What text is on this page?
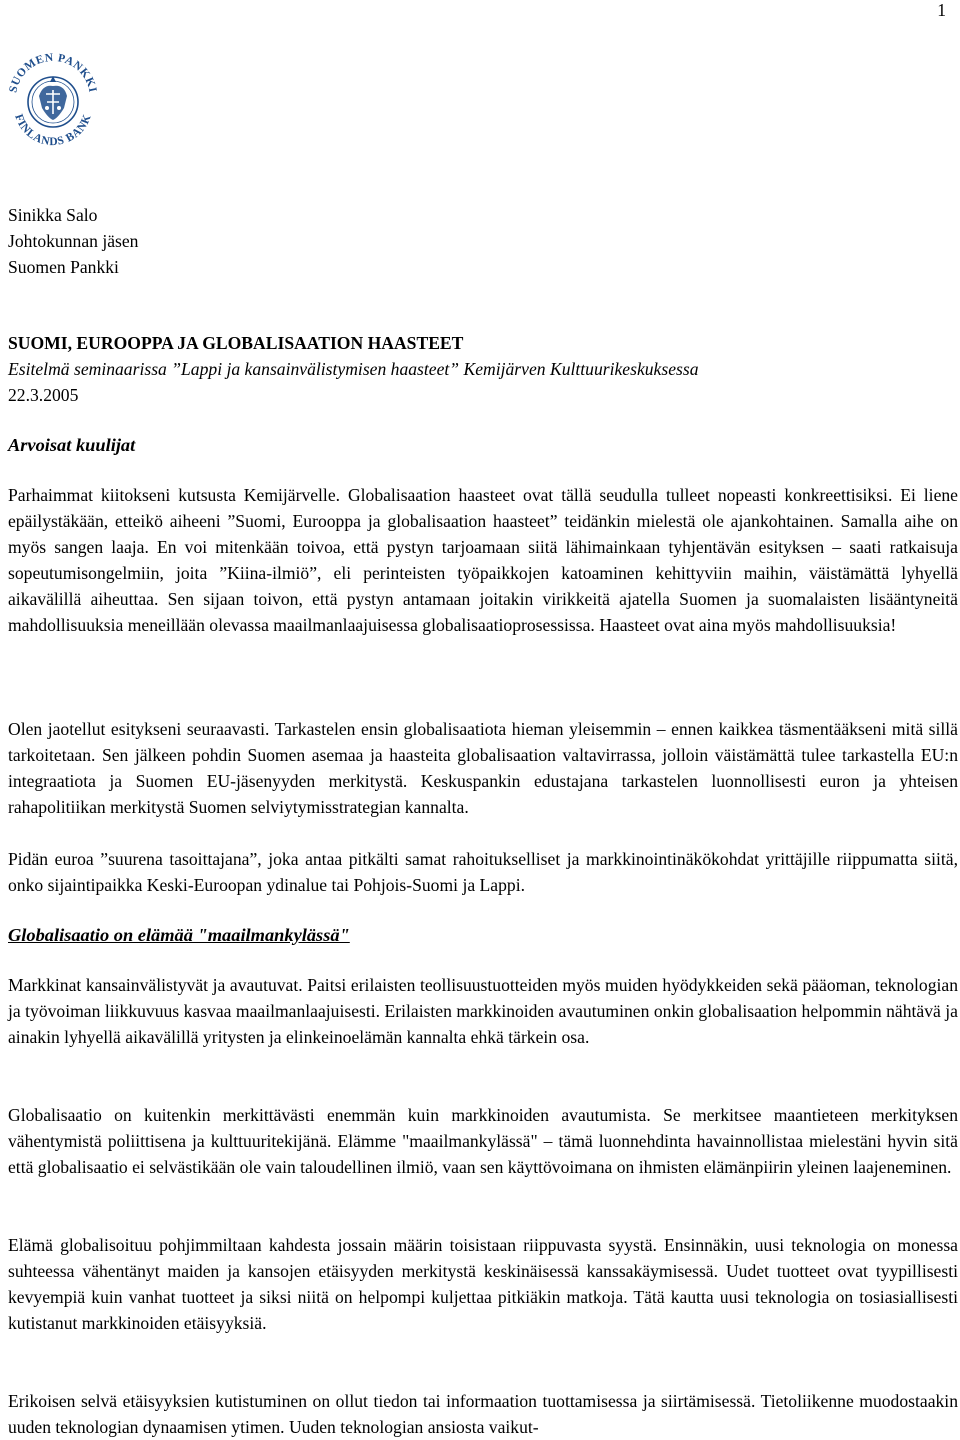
1

SUOMEN PANKKI
FINLANDS BANK
Sinikka Salo
Johtokunnan jäsen
Suomen Pankki
SUOMI, EUROOPPA JA GLOBALISAATION HAASTEET
Esitelmä seminaarissa ”Lappi ja kansainvälistymisen haasteet” Kemijärven Kulttuurikeskuksessa
22.3.2005
Arvoisat kuulijat

Parhaimmat kiitokseni kutsusta Kemijärvelle. Globalisaation haasteet ovat tällä seudulla tulleet nopeasti konkreettisiksi. Ei liene epäilystäkään, etteikö aiheeni ”Suomi, Eurooppa ja globalisaation haasteet” teidänkin mielestä ole ajankohtainen. Samalla aihe on myös sangen laaja. En voi mitenkään toivoa, että pystyn tarjoamaan siitä lähimainkaan tyhjentävän esityksen – saati ratkaisuja sopeutumisongelmiin, joita ”Kiina-ilmiö”, eli perinteisten työpaikkojen katoaminen kehittyviin maihin, väistämättä lyhyellä aikavälillä aiheuttaa. Sen sijaan toivon, että pystyn antamaan joitakin virikkeitä ajatella Suomen ja suomalaisten lisääntyneitä mahdollisuuksia meneillään olevassa maailmanlaajuisessa globalisaatioprosessissa. Haasteet ovat aina myös mahdollisuuksia!

Olen jaotellut esitykseni seuraavasti. Tarkastelen ensin globalisaatiota hieman yleisemmin – ennen kaikkea täsmentääkseni mitä sillä tarkoitetaan. Sen jälkeen pohdin Suomen asemaa ja haasteita globalisaation valtavirrassa, jolloin väistämättä tulee tarkastella EU:n integraatiota ja Suomen EU-jäsenyyden merkitystä. Keskuspankin edustajana tarkastelen luonnollisesti euron ja yhteisen rahapolitiikan merkitystä Suomen selviytymisstrategian kannalta.

Pidän euroa ”suurena tasoittajana”, joka antaa pitkälti samat rahoitukselliset ja markkinointinäkökohdat yrittäjille riippumatta siitä, onko sijaintipaikka Keski-Euroopan ydinalue tai Pohjois-Suomi ja Lappi.

Globalisaatio on elämää "maailmankylässä"

Markkinat kansainvälistyvät ja avautuvat. Paitsi erilaisten teollisuustuotteiden myös muiden hyödykkeiden sekä pääoman, teknologian ja työvoiman liikkuvuus kasvaa maailmanlaajuisesti. Erilaisten markkinoiden avautuminen onkin globalisaation helpommin nähtävä ja ainakin lyhyellä aikavälillä yritysten ja elinkeinoelämän kannalta ehkä tärkein osa.

Globalisaatio on kuitenkin merkittävästi enemmän kuin markkinoiden avautumista. Se merkitsee maantieteen merkityksen vähentymistä poliittisena ja kulttuuritekijänä. Elämme "maailmankylässä" – tämä luonnehdinta havainnollistaa mielestäni hyvin sitä että globalisaatio ei selvästikään ole vain taloudellinen ilmiö, vaan sen käyttövoimana on ihmisten elämänpiirin yleinen laajeneminen.

Elämä globalisoituu pohjimmiltaan kahdesta jossain määrin toisistaan riippuvasta syystä. Ensinnäkin, uusi teknologia on monessa suhteessa vähentänyt maiden ja kansojen etäisyyden merkitystä keskinäisessä kanssakäymisessä. Uudet tuotteet ovat tyypillisesti kevyempiä kuin vanhat tuotteet ja siksi niitä on helpompi kuljettaa pitkiäkin matkoja. Tätä kautta uusi teknologia on tosiasiallisesti kutistanut markkinoiden etäisyyksiä.

Erikoisen selvä etäisyyksien kutistuminen on ollut tiedon tai informaation tuottamisessa ja siirtämisessä. Tietoliikenne muodostaakin uuden teknologian dynaamisen ytimen. Uuden teknologian ansiosta vaikut-
